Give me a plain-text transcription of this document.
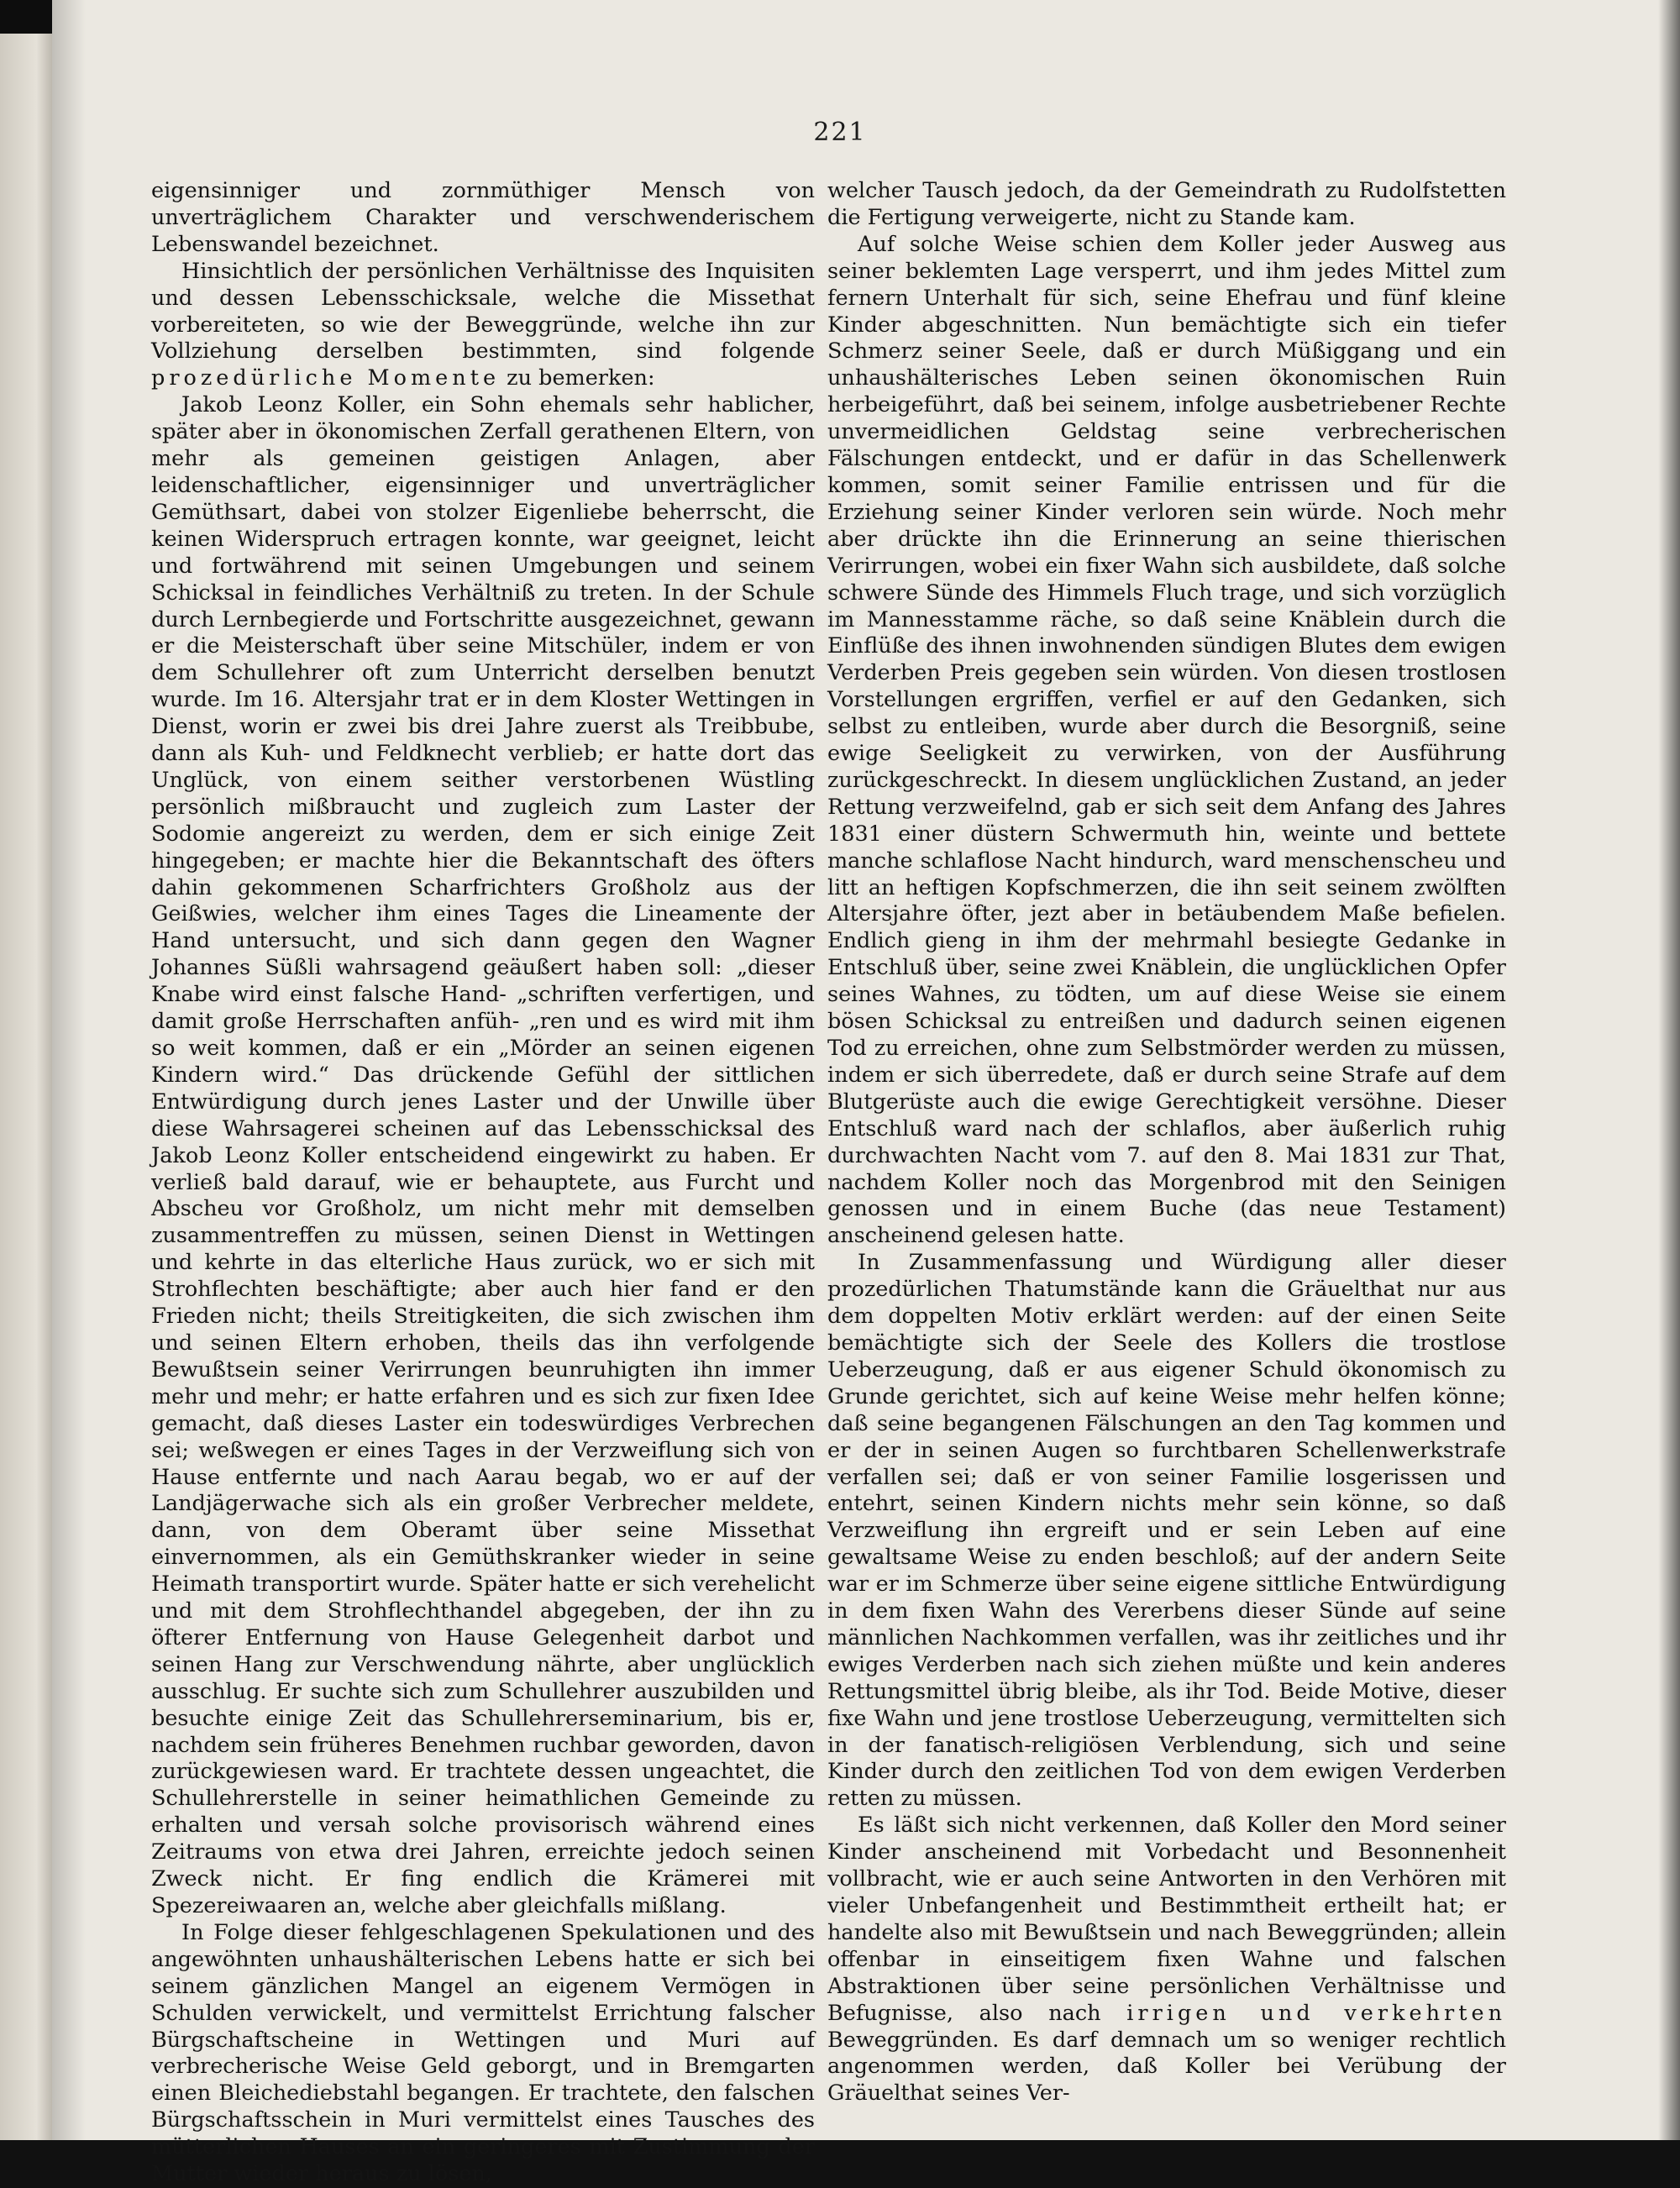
221

eigensinniger und zornmüthiger Mensch von unverträglichem Charakter und verschwenderischem Lebenswandel bezeichnet.

Hinsichtlich der persönlichen Verhältnisse des Inquisiten und dessen Lebensschicksale, welche die Missethat vorbereiteten, so wie der Beweggründe, welche ihn zur Vollziehung derselben bestimmten, sind folgende prozedürliche Momente zu bemerken:

Jakob Leonz Koller, ein Sohn ehemals sehr hablicher, später aber in ökonomischen Zerfall gerathenen Eltern, von mehr als gemeinen geistigen Anlagen, aber leidenschaftlicher, eigensinniger und unverträglicher Gemüthsart, dabei von stolzer Eigenliebe beherrscht, die keinen Widerspruch ertragen konnte, war geeignet, leicht und fortwährend mit seinen Umgebungen und seinem Schicksal in feindliches Verhältniß zu treten. In der Schule durch Lernbegierde und Fortschritte ausgezeichnet, gewann er die Meisterschaft über seine Mitschüler, indem er von dem Schullehrer oft zum Unterricht derselben benutzt wurde. Im 16. Altersjahr trat er in dem Kloster Wettingen in Dienst, worin er zwei bis drei Jahre zuerst als Treibbube, dann als Kuh- und Feldknecht verblieb; er hatte dort das Unglück, von einem seither verstorbenen Wüstling persönlich mißbraucht und zugleich zum Laster der Sodomie angereizt zu werden, dem er sich einige Zeit hingegeben; er machte hier die Bekanntschaft des öfters dahin gekommenen Scharfrichters Großholz aus der Geißwies, welcher ihm eines Tages die Lineamente der Hand untersucht, und sich dann gegen den Wagner Johannes Süßli wahrsagend geäußert haben soll: „dieser Knabe wird einst falsche Hand- „schriften verfertigen, und damit große Herrschaften anfüh- „ren und es wird mit ihm so weit kommen, daß er ein „Mörder an seinen eigenen Kindern wird.“ Das drückende Gefühl der sittlichen Entwürdigung durch jenes Laster und der Unwille über diese Wahrsagerei scheinen auf das Lebensschicksal des Jakob Leonz Koller entscheidend eingewirkt zu haben. Er verließ bald darauf, wie er behauptete, aus Furcht und Abscheu vor Großholz, um nicht mehr mit demselben zusammentreffen zu müssen, seinen Dienst in Wettingen und kehrte in das elterliche Haus zurück, wo er sich mit Strohflechten beschäftigte; aber auch hier fand er den Frieden nicht; theils Streitigkeiten, die sich zwischen ihm und seinen Eltern erhoben, theils das ihn verfolgende Bewußtsein seiner Verirrungen beunruhigten ihn immer mehr und mehr; er hatte erfahren und es sich zur fixen Idee gemacht, daß dieses Laster ein todeswürdiges Verbrechen sei; weßwegen er eines Tages in der Verzweiflung sich von Hause entfernte und nach Aarau begab, wo er auf der Landjägerwache sich als ein großer Verbrecher meldete, dann, von dem Oberamt über seine Missethat einvernommen, als ein Gemüthskranker wieder in seine Heimath transportirt wurde. Später hatte er sich verehelicht und mit dem Strohflechthandel abgegeben, der ihn zu öfterer Entfernung von Hause Gelegenheit darbot und seinen Hang zur Verschwendung nährte, aber unglücklich ausschlug. Er suchte sich zum Schullehrer auszubilden und besuchte einige Zeit das Schullehrerseminarium, bis er, nachdem sein früheres Benehmen ruchbar geworden, davon zurückgewiesen ward. Er trachtete dessen ungeachtet, die Schullehrerstelle in seiner heimathlichen Gemeinde zu erhalten und versah solche provisorisch während eines Zeitraums von etwa drei Jahren, erreichte jedoch seinen Zweck nicht. Er fing endlich die Krämerei mit Spezereiwaaren an, welche aber gleichfalls mißlang.

In Folge dieser fehlgeschlagenen Spekulationen und des angewöhnten unhaushälterischen Lebens hatte er sich bei seinem gänzlichen Mangel an eigenem Vermögen in Schulden verwickelt, und vermittelst Errichtung falscher Bürgschaftscheine in Wettingen und Muri auf verbrecherische Weise Geld geborgt, und in Bremgarten einen Bleichediebstahl begangen. Er trachtete, den falschen Bürgschaftsschein in Muri vermittelst eines Tausches des mütterlichen Hauses an ein geringeres mit Zustimmung der Mutter wieder heraus zu lösen,

welcher Tausch jedoch, da der Gemeindrath zu Rudolfstetten die Fertigung verweigerte, nicht zu Stande kam.

Auf solche Weise schien dem Koller jeder Ausweg aus seiner beklemten Lage versperrt, und ihm jedes Mittel zum fernern Unterhalt für sich, seine Ehefrau und fünf kleine Kinder abgeschnitten. Nun bemächtigte sich ein tiefer Schmerz seiner Seele, daß er durch Müßiggang und ein unhaushälterisches Leben seinen ökonomischen Ruin herbeigeführt, daß bei seinem, infolge ausbetriebener Rechte unvermeidlichen Geldstag seine verbrecherischen Fälschungen entdeckt, und er dafür in das Schellenwerk kommen, somit seiner Familie entrissen und für die Erziehung seiner Kinder verloren sein würde. Noch mehr aber drückte ihn die Erinnerung an seine thierischen Verirrungen, wobei ein fixer Wahn sich ausbildete, daß solche schwere Sünde des Himmels Fluch trage, und sich vorzüglich im Mannesstamme räche, so daß seine Knäblein durch die Einflüße des ihnen inwohnenden sündigen Blutes dem ewigen Verderben Preis gegeben sein würden. Von diesen trostlosen Vorstellungen ergriffen, verfiel er auf den Gedanken, sich selbst zu entleiben, wurde aber durch die Besorgniß, seine ewige Seeligkeit zu verwirken, von der Ausführung zurückgeschreckt. In diesem unglücklichen Zustand, an jeder Rettung verzweifelnd, gab er sich seit dem Anfang des Jahres 1831 einer düstern Schwermuth hin, weinte und bettete manche schlaflose Nacht hindurch, ward menschenscheu und litt an heftigen Kopfschmerzen, die ihn seit seinem zwölften Altersjahre öfter, jezt aber in betäubendem Maße befielen. Endlich gieng in ihm der mehrmahl besiegte Gedanke in Entschluß über, seine zwei Knäblein, die unglücklichen Opfer seines Wahnes, zu tödten, um auf diese Weise sie einem bösen Schicksal zu entreißen und dadurch seinen eigenen Tod zu erreichen, ohne zum Selbstmörder werden zu müssen, indem er sich überredete, daß er durch seine Strafe auf dem Blutgerüste auch die ewige Gerechtigkeit versöhne. Dieser Entschluß ward nach der schlaflos, aber äußerlich ruhig durchwachten Nacht vom 7. auf den 8. Mai 1831 zur That, nachdem Koller noch das Morgenbrod mit den Seinigen genossen und in einem Buche (das neue Testament) anscheinend gelesen hatte.

In Zusammenfassung und Würdigung aller dieser prozedürlichen Thatumstände kann die Gräuelthat nur aus dem doppelten Motiv erklärt werden: auf der einen Seite bemächtigte sich der Seele des Kollers die trostlose Ueberzeugung, daß er aus eigener Schuld ökonomisch zu Grunde gerichtet, sich auf keine Weise mehr helfen könne; daß seine begangenen Fälschungen an den Tag kommen und er der in seinen Augen so furchtbaren Schellenwerkstrafe verfallen sei; daß er von seiner Familie losgerissen und entehrt, seinen Kindern nichts mehr sein könne, so daß Verzweiflung ihn ergreift und er sein Leben auf eine gewaltsame Weise zu enden beschloß; auf der andern Seite war er im Schmerze über seine eigene sittliche Entwürdigung in dem fixen Wahn des Vererbens dieser Sünde auf seine männlichen Nachkommen verfallen, was ihr zeitliches und ihr ewiges Verderben nach sich ziehen müßte und kein anderes Rettungsmittel übrig bleibe, als ihr Tod. Beide Motive, dieser fixe Wahn und jene trostlose Ueberzeugung, vermittelten sich in der fanatisch-religiösen Verblendung, sich und seine Kinder durch den zeitlichen Tod von dem ewigen Verderben retten zu müssen.

Es läßt sich nicht verkennen, daß Koller den Mord seiner Kinder anscheinend mit Vorbedacht und Besonnenheit vollbracht, wie er auch seine Antworten in den Verhören mit vieler Unbefangenheit und Bestimmtheit ertheilt hat; er handelte also mit Bewußtsein und nach Beweggründen; allein offenbar in einseitigem fixen Wahne und falschen Abstraktionen über seine persönlichen Verhältnisse und Befugnisse, also nach irrigen und verkehrten Beweggründen. Es darf demnach um so weniger rechtlich angenommen werden, daß Koller bei Verübung der Gräuelthat seines Ver-
